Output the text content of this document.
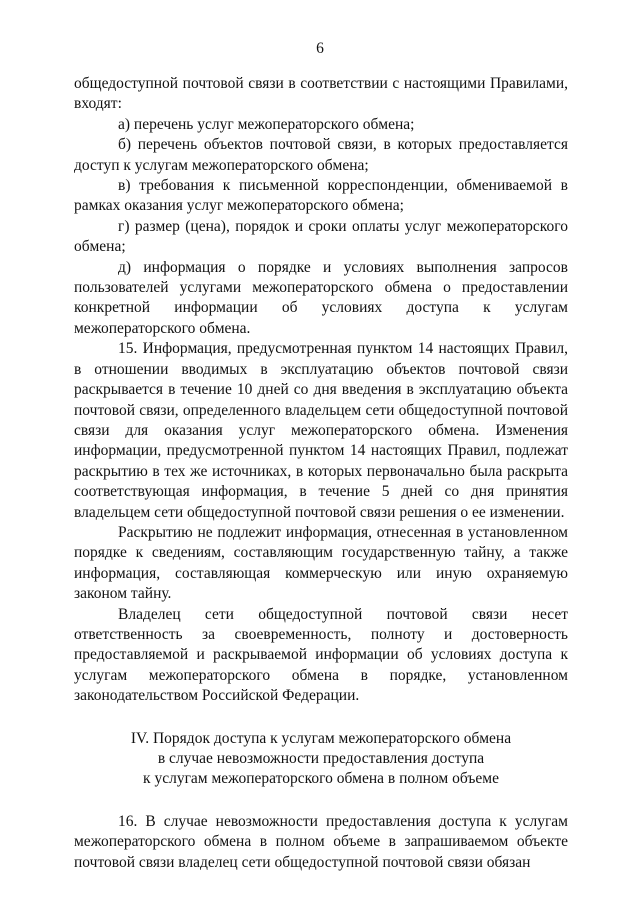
6

общедоступной почтовой связи в соответствии с настоящими Правилами, входят:

а) перечень услуг межоператорского обмена;

б) перечень объектов почтовой связи, в которых предоставляется доступ к услугам межоператорского обмена;

в) требования к письменной корреспонденции, обмениваемой в рамках оказания услуг межоператорского обмена;

г) размер (цена), порядок и сроки оплаты услуг межоператорского обмена;

д) информация о порядке и условиях выполнения запросов пользователей услугами межоператорского обмена о предоставлении конкретной информации об условиях доступа к услугам межоператорского обмена.

15. Информация, предусмотренная пунктом 14 настоящих Правил, в отношении вводимых в эксплуатацию объектов почтовой связи раскрывается в течение 10 дней со дня введения в эксплуатацию объекта почтовой связи, определенного владельцем сети общедоступной почтовой связи для оказания услуг межоператорского обмена. Изменения информации, предусмотренной пунктом 14 настоящих Правил, подлежат раскрытию в тех же источниках, в которых первоначально была раскрыта соответствующая информация, в течение 5 дней со дня принятия владельцем сети общедоступной почтовой связи решения о ее изменении.

Раскрытию не подлежит информация, отнесенная в установленном порядке к сведениям, составляющим государственную тайну, а также информация, составляющая коммерческую или иную охраняемую законом тайну.

Владелец сети общедоступной почтовой связи несет ответственность за своевременность, полноту и достоверность предоставляемой и раскрываемой информации об условиях доступа к услугам межоператорского обмена в порядке, установленном законодательством Российской Федерации.

IV. Порядок доступа к услугам межоператорского обмена
в случае невозможности предоставления доступа
к услугам межоператорского обмена в полном объеме

16. В случае невозможности предоставления доступа к услугам межоператорского обмена в полном объеме в запрашиваемом объекте почтовой связи владелец сети общедоступной почтовой связи обязан
